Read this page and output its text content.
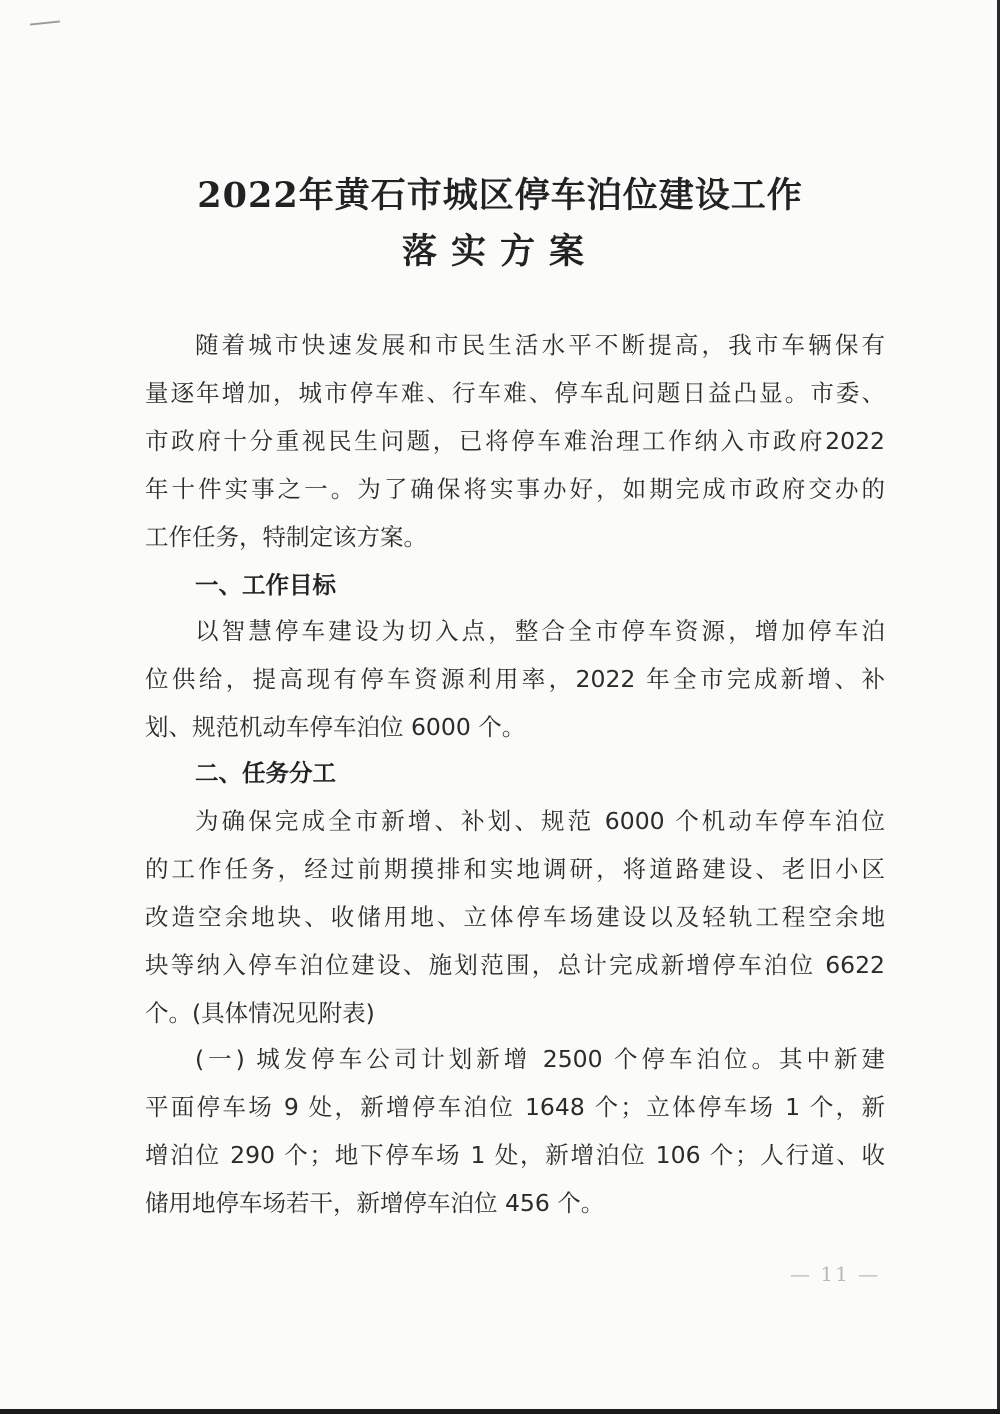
2022年黄石市城区停车泊位建设工作
落实方案
随着城市快速发展和市民生活水平不断提高，我市车辆保有
量逐年增加，城市停车难、行车难、停车乱问题日益凸显。市委、
市政府十分重视民生问题，已将停车难治理工作纳入市政府2022
年十件实事之一。为了确保将实事办好，如期完成市政府交办的
工作任务，特制定该方案。
一、工作目标
以智慧停车建设为切入点，整合全市停车资源，增加停车泊
位供给，提高现有停车资源利用率，2022 年全市完成新增、补
划、规范机动车停车泊位 6000 个。
二、任务分工
为确保完成全市新增、补划、规范 6000 个机动车停车泊位
的工作任务，经过前期摸排和实地调研，将道路建设、老旧小区
改造空余地块、收储用地、立体停车场建设以及轻轨工程空余地
块等纳入停车泊位建设、施划范围，总计完成新增停车泊位 6622
个。(具体情况见附表)
(一) 城发停车公司计划新增 2500 个停车泊位。其中新建
平面停车场 9 处，新增停车泊位 1648 个；立体停车场 1 个，新
增泊位 290 个；地下停车场 1 处，新增泊位 106 个；人行道、收
储用地停车场若干，新增停车泊位 456 个。
— 11 —
